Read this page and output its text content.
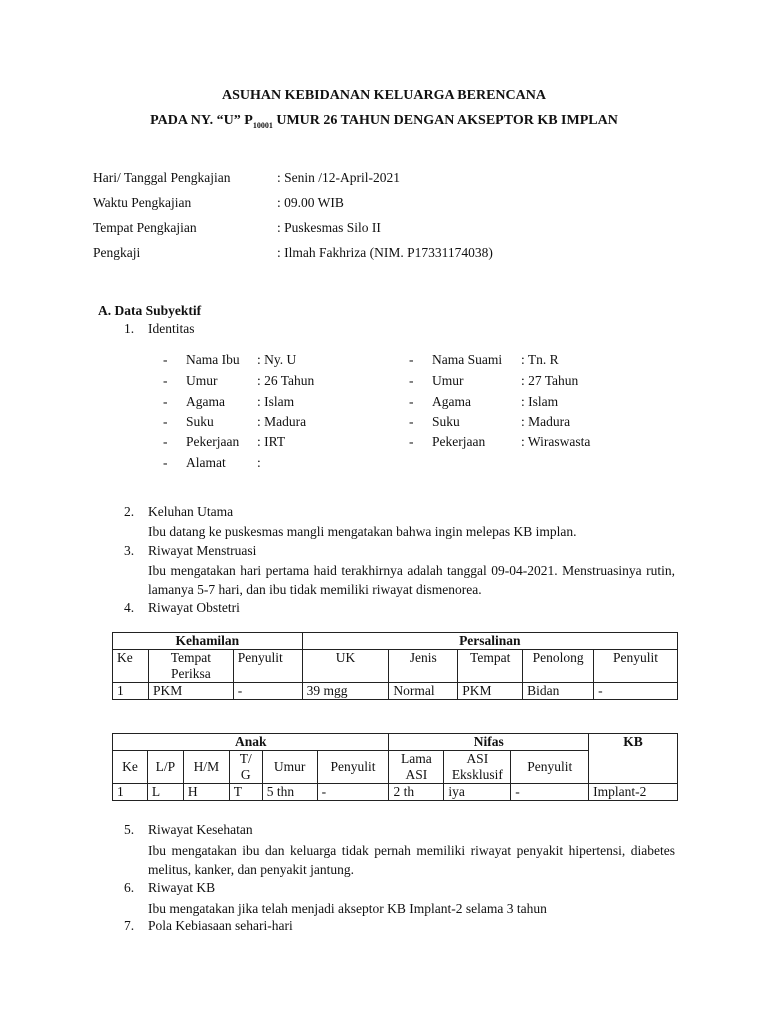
ASUHAN KEBIDANAN KELUARGA BERENCANA
PADA NY. “U” $P_{10001}$ UMUR 26 TAHUN DENGAN AKSEPTOR KB IMPLAN
Hari/ Tanggal Pengkajian	: Senin /12-April-2021
Waktu Pengkajian	: 09.00 WIB
Tempat Pengkajian	: Puskesmas Silo II
Pengkaji	: Ilmah Fakhriza (NIM. P17331174038)
A. Data Subyektif
1. Identitas
- Nama Ibu : Ny. U
- Umur	: 26 Tahun
- Agama : Islam
- Suku	: Madura
- Pekerjaan : IRT
- Alamat :
- Nama Suami : Tn. R
- Umur	: 27 Tahun
- Agama	: Islam
- Suku	: Madura
- Pekerjaan	: Wiraswasta
2. Keluhan Utama
Ibu datang ke puskesmas mangli mengatakan bahwa ingin melepas KB implan.
3. Riwayat Menstruasi
Ibu mengatakan hari pertama haid terakhirnya adalah tanggal 09-04-2021. Menstruasinya rutin, lamanya 5-7 hari, dan ibu tidak memiliki riwayat dismenorea.
4. Riwayat Obstetri
Kehamilan			Persalinan				
Ke	Tempat Periksa	Penyulit	UK	Jenis	Tempat	Penolong	Penyulit
1	PKM	-	39 mgg	Normal	PKM	Bidan	-
Anak						Nifas			KB
Ke	L/P	H/M	T/ G	Umur	Penyulit	Lama ASI	ASI Eksklusif	Penyulit	
1	L	H	T	5 thn	-	2 th	iya	-	Implant-2
5. Riwayat Kesehatan
Ibu mengatakan ibu dan keluarga tidak pernah memiliki riwayat penyakit hipertensi, diabetes melitus, kanker, dan penyakit jantung.
6. Riwayat KB
Ibu mengatakan jika telah menjadi akseptor KB Implant-2 selama 3 tahun
7. Pola Kebiasaan sehari-hari
